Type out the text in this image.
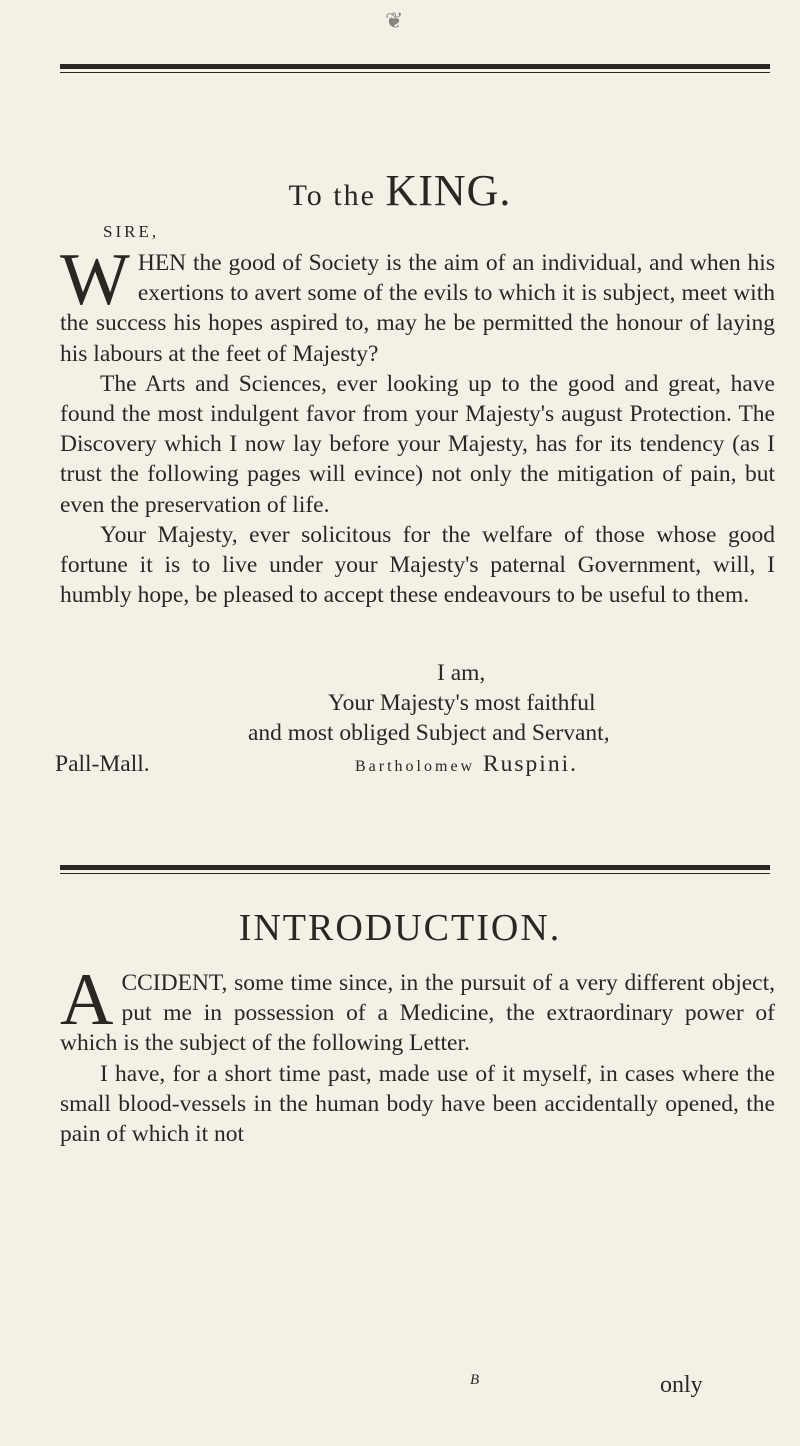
❦
To the KING.
SIRE,

WHEN the good of Society is the aim of an individual, and when his exertions to avert some of the evils to which it is subject, meet with the success his hopes aspired to, may he be permitted the honour of laying his labours at the feet of Majesty?

The Arts and Sciences, ever looking up to the good and great, have found the most indulgent favor from your Majesty's august Protection. The Discovery which I now lay before your Majesty, has for its tendency (as I trust the following pages will evince) not only the mitigation of pain, but even the preservation of life.

Your Majesty, ever solicitous for the welfare of those whose good fortune it is to live under your Majesty's paternal Government, will, I humbly hope, be pleased to accept these endeavours to be useful to them.

I am,
Your Majesty's most faithful
and most obliged Subject and Servant,
Pall-Mall.	Bartholomew Ruspini.
INTRODUCTION.

ACCIDENT, some time since, in the pursuit of a very different object, put me in possession of a Medicine, the extraordinary power of which is the subject of the following Letter.

I have, for a short time past, made use of it myself, in cases where the small blood-vessels in the human body have been accidentally opened, the pain of which it not

B	only
